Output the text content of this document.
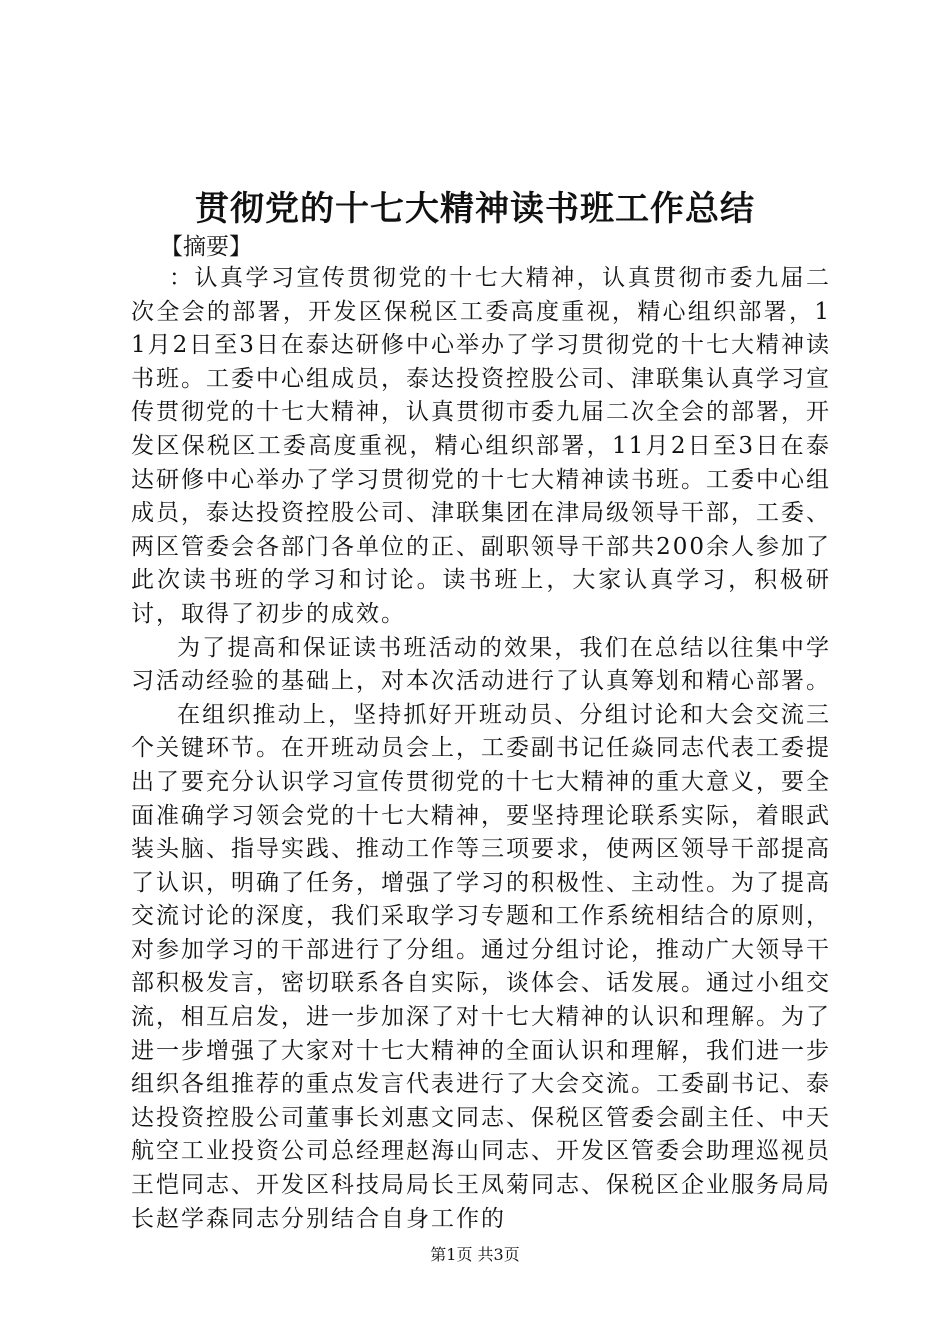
贯彻党的十七大精神读书班工作总结

【摘要】

：认真学习宣传贯彻党的十七大精神，认真贯彻市委九届二次全会的部署，开发区保税区工委高度重视，精心组织部署，11月2日至3日在泰达研修中心举办了学习贯彻党的十七大精神读书班。工委中心组成员，泰达投资控股公司、津联集认真学习宣传贯彻党的十七大精神，认真贯彻市委九届二次全会的部署，开发区保税区工委高度重视，精心组织部署，11月2日至3日在泰达研修中心举办了学习贯彻党的十七大精神读书班。工委中心组成员，泰达投资控股公司、津联集团在津局级领导干部，工委、两区管委会各部门各单位的正、副职领导干部共200余人参加了此次读书班的学习和讨论。读书班上，大家认真学习，积极研讨，取得了初步的成效。

为了提高和保证读书班活动的效果，我们在总结以往集中学习活动经验的基础上，对本次活动进行了认真筹划和精心部署。

在组织推动上，坚持抓好开班动员、分组讨论和大会交流三个关键环节。在开班动员会上，工委副书记任焱同志代表工委提出了要充分认识学习宣传贯彻党的十七大精神的重大意义，要全面准确学习领会党的十七大精神，要坚持理论联系实际，着眼武装头脑、指导实践、推动工作等三项要求，使两区领导干部提高了认识，明确了任务，增强了学习的积极性、主动性。为了提高交流讨论的深度，我们采取学习专题和工作系统相结合的原则，对参加学习的干部进行了分组。通过分组讨论，推动广大领导干部积极发言，密切联系各自实际，谈体会、话发展。通过小组交流，相互启发，进一步加深了对十七大精神的认识和理解。为了进一步增强了大家对十七大精神的全面认识和理解，我们进一步组织各组推荐的重点发言代表进行了大会交流。工委副书记、泰达投资控股公司董事长刘惠文同志、保税区管委会副主任、中天航空工业投资公司总经理赵海山同志、开发区管委会助理巡视员王恺同志、开发区科技局局长王凤菊同志、保税区企业服务局局长赵学森同志分别结合自身工作的

第1页 共3页
